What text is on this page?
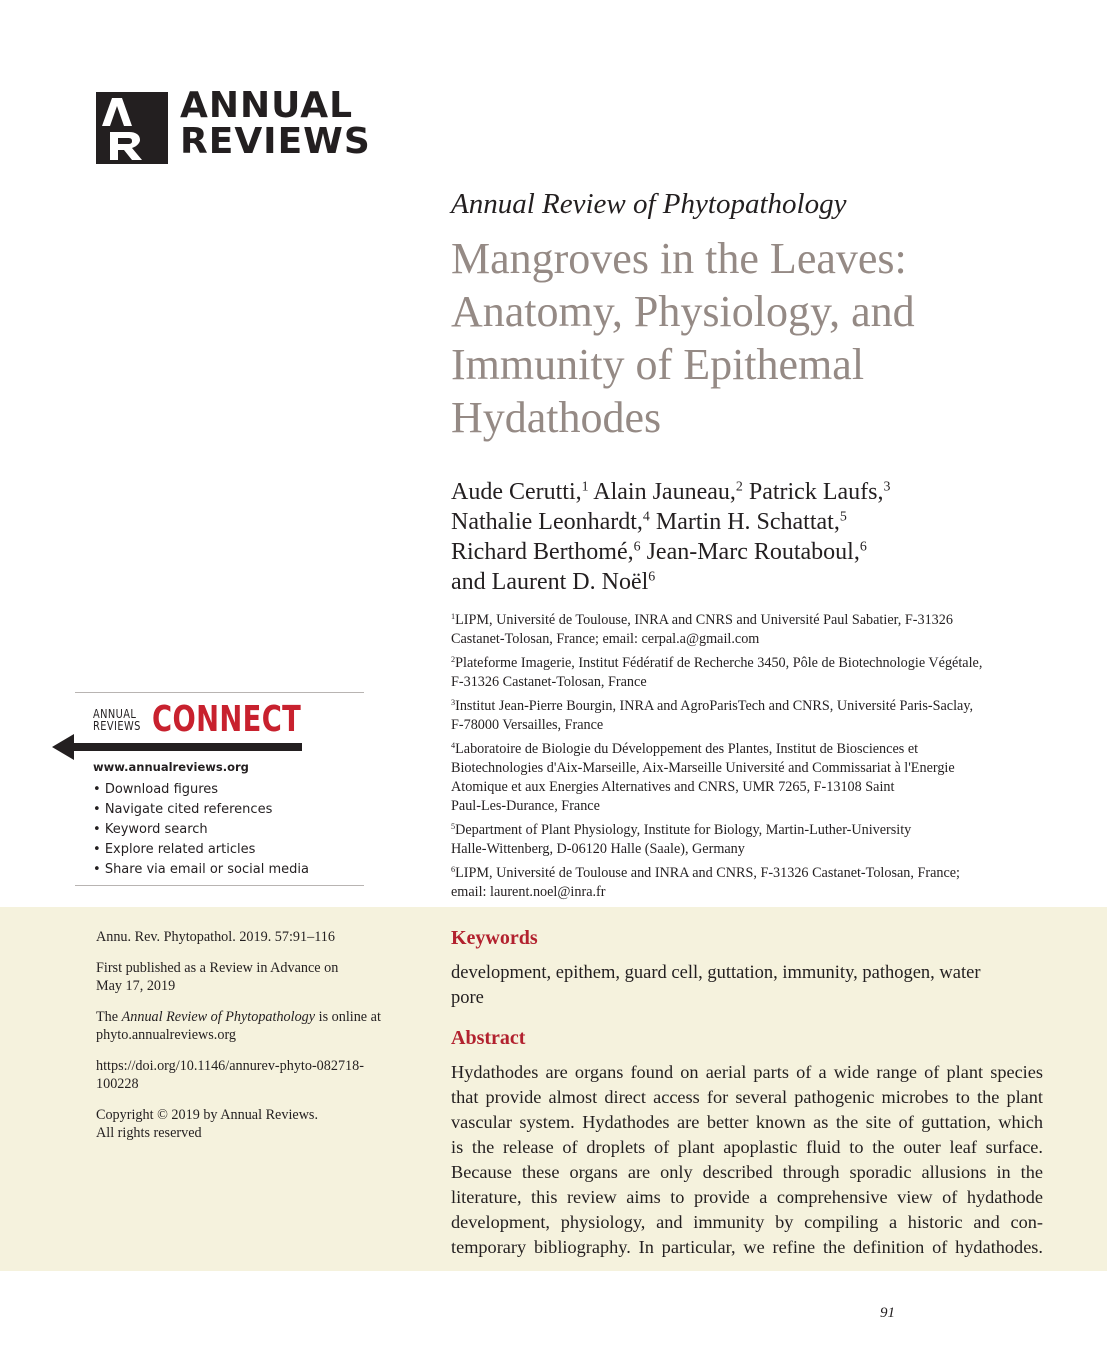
ANNUAL
REVIEWS
Annual Review of Phytopathology
Mangroves in the Leaves:
Anatomy, Physiology, and
Immunity of Epithemal
Hydathodes
Aude Cerutti,$^1$ Alain Jauneau,$^2$ Patrick Laufs,$^3$
Nathalie Leonhardt,$^4$ Martin H. Schattat,$^5$
Richard Berthomé,$^6$ Jean-Marc Routaboul,$^6$
and Laurent D. Noël$^6$
$^1$LIPM, Université de Toulouse, INRA and CNRS and Université Paul Sabatier, F-31326
Castanet-Tolosan, France; email: cerpal.a@gmail.com
$^2$Plateforme Imagerie, Institut Fédératif de Recherche 3450, Pôle de Biotechnologie Végétale,
F-31326 Castanet-Tolosan, France
$^3$Institut Jean-Pierre Bourgin, INRA and AgroParisTech and CNRS, Université Paris-Saclay,
F-78000 Versailles, France
$^4$Laboratoire de Biologie du Développement des Plantes, Institut de Biosciences et
Biotechnologies d'Aix-Marseille, Aix-Marseille Université and Commissariat à l'Energie
Atomique et aux Energies Alternatives and CNRS, UMR 7265, F-13108 Saint
Paul-Les-Durance, France
$^5$Department of Plant Physiology, Institute for Biology, Martin-Luther-University
Halle-Wittenberg, D-06120 Halle (Saale), Germany
$^6$LIPM, Université de Toulouse and INRA and CNRS, F-31326 Castanet-Tolosan, France;
email: laurent.noel@inra.fr
ANNUAL
REVIEWS CONNECT
www.annualreviews.org
• Download figures
• Navigate cited references
• Keyword search
• Explore related articles
• Share via email or social media

Annu. Rev. Phytopathol. 2019. 57:91–116

First published as a Review in Advance on
May 17, 2019

The Annual Review of Phytopathology is online at
phyto.annualreviews.org

https://doi.org/10.1146/annurev-phyto-082718-
100228

Copyright © 2019 by Annual Reviews.
All rights reserved

Keywords
development, epithem, guard cell, guttation, immunity, pathogen, water
pore
Abstract
Hydathodes are organs found on aerial parts of a wide range of plant species
that provide almost direct access for several pathogenic microbes to the plant
vascular system. Hydathodes are better known as the site of guttation, which
is the release of droplets of plant apoplastic fluid to the outer leaf surface.
Because these organs are only described through sporadic allusions in the
literature, this review aims to provide a comprehensive view of hydathode
development, physiology, and immunity by compiling a historic and con-
temporary bibliography. In particular, we refine the definition of hydathodes.
91
